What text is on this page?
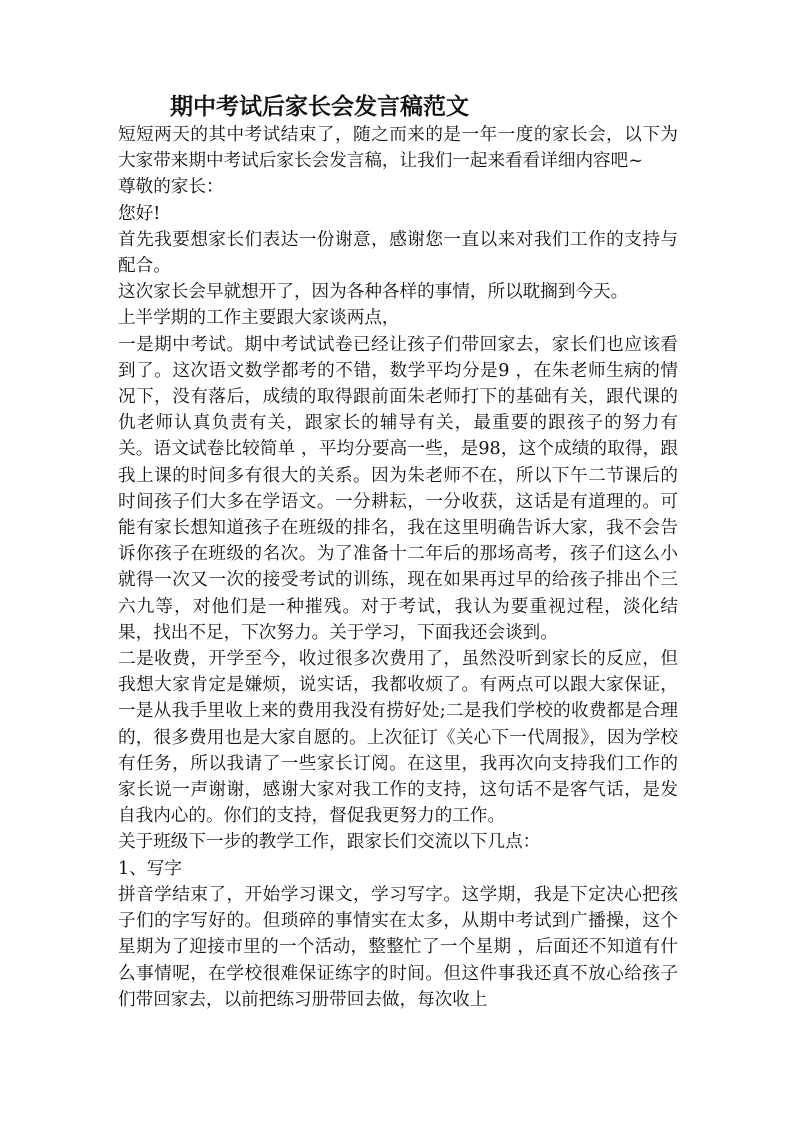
期中考试后家长会发言稿范文

短短两天的其中考试结束了，随之而来的是一年一度的家长会，以下为大家带来期中考试后家长会发言稿，让我们一起来看看详细内容吧~

尊敬的家长：

您好!

首先我要想家长们表达一份谢意，感谢您一直以来对我们工作的支持与配合。

这次家长会早就想开了，因为各种各样的事情，所以耽搁到今天。

上半学期的工作主要跟大家谈两点，

一是期中考试。期中考试试卷已经让孩子们带回家去，家长们也应该看到了。这次语文数学都考的不错，数学平均分是9 ，在朱老师生病的情况下，没有落后，成绩的取得跟前面朱老师打下的基础有关，跟代课的仇老师认真负责有关，跟家长的辅导有关，最重要的跟孩子的努力有关。语文试卷比较简单 ，平均分要高一些，是98，这个成绩的取得，跟我上课的时间多有很大的关系。因为朱老师不在，所以下午二节课后的时间孩子们大多在学语文。一分耕耘，一分收获，这话是有道理的。可能有家长想知道孩子在班级的排名，我在这里明确告诉大家，我不会告诉你孩子在班级的名次。为了准备十二年后的那场高考，孩子们这么小就得一次又一次的接受考试的训练，现在如果再过早的给孩子排出个三六九等，对他们是一种摧残。对于考试，我认为要重视过程，淡化结果，找出不足，下次努力。关于学习，下面我还会谈到。

二是收费，开学至今，收过很多次费用了，虽然没听到家长的反应，但我想大家肯定是嫌烦，说实话，我都收烦了。有两点可以跟大家保证，一是从我手里收上来的费用我没有捞好处;二是我们学校的收费都是合理的，很多费用也是大家自愿的。上次征订《关心下一代周报》，因为学校有任务，所以我请了一些家长订阅。在这里，我再次向支持我们工作的家长说一声谢谢，感谢大家对我工作的支持，这句话不是客气话，是发自我内心的。你们的支持，督促我更努力的工作。

关于班级下一步的教学工作，跟家长们交流以下几点：

1、写字

拼音学结束了，开始学习课文，学习写字。这学期，我是下定决心把孩子们的字写好的。但琐碎的事情实在太多，从期中考试到广播操，这个星期为了迎接市里的一个活动，整整忙了一个星期 ，后面还不知道有什么事情呢，在学校很难保证练字的时间。但这件事我还真不放心给孩子们带回家去，以前把练习册带回去做，每次收上
